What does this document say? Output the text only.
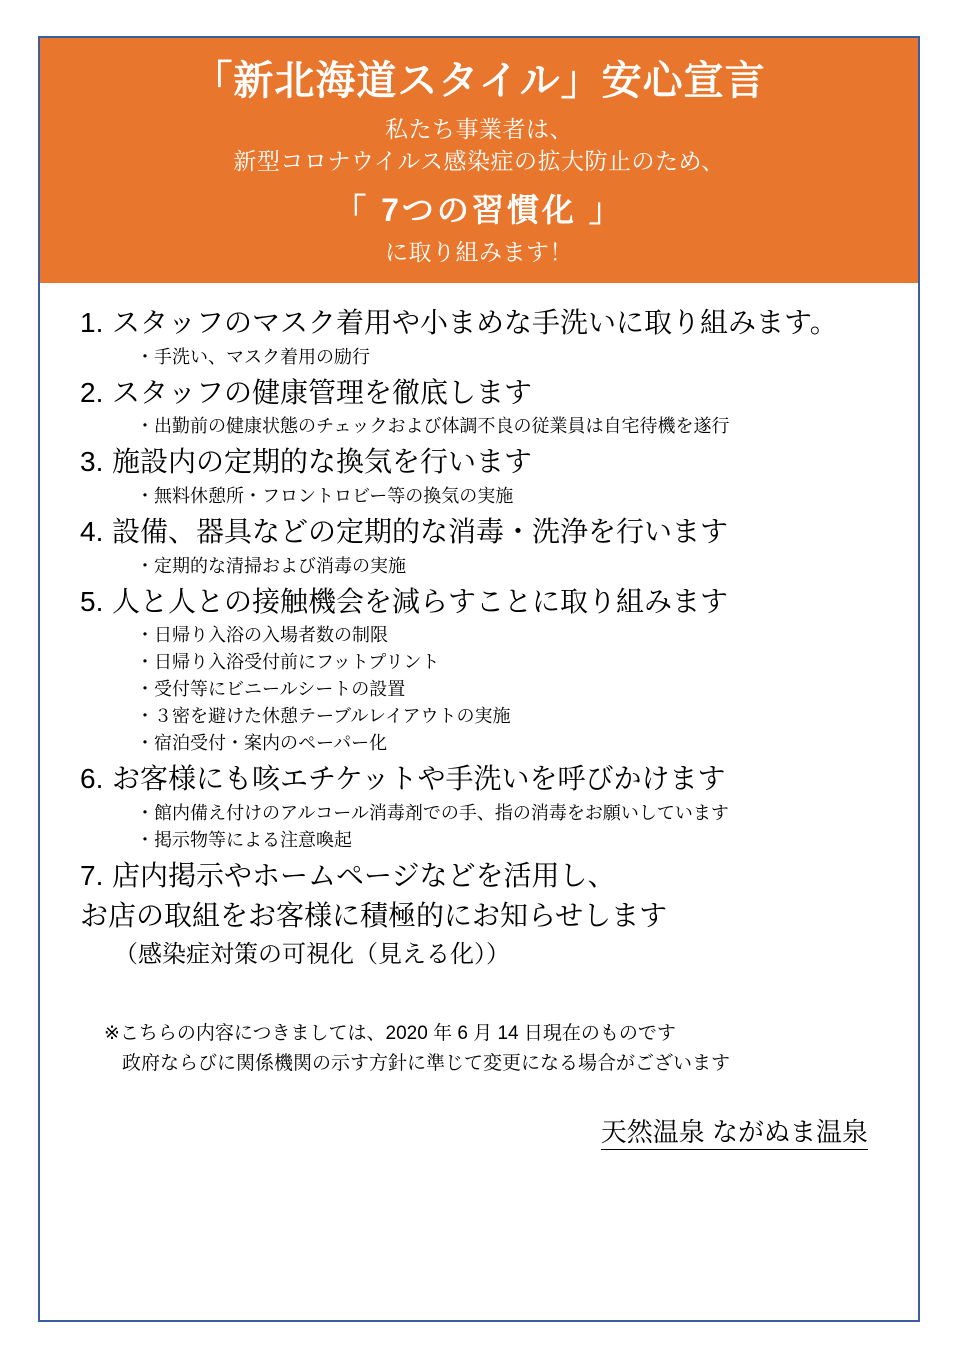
「新北海道スタイル」安心宣言
私たち事業者は、
新型コロナウイルス感染症の拡大防止のため、
「 7つの習慣化 」
に取り組みます！
1. スタッフのマスク着用や小まめな手洗いに取り組みます。
・手洗い、マスク着用の励行
2. スタッフの健康管理を徹底します
・出勤前の健康状態のチェックおよび体調不良の従業員は自宅待機を遂行
3. 施設内の定期的な換気を行います
・無料休憩所・フロントロビー等の換気の実施
4. 設備、器具などの定期的な消毒・洗浄を行います
・定期的な清掃および消毒の実施
5. 人と人との接触機会を減らすことに取り組みます
・日帰り入浴の入場者数の制限
・日帰り入浴受付前にフットプリント
・受付等にビニールシートの設置
・３密を避けた休憩テーブルレイアウトの実施
・宿泊受付・案内のペーパー化
6. お客様にも咳エチケットや手洗いを呼びかけます
・館内備え付けのアルコール消毒剤での手、指の消毒をお願いしています
・掲示物等による注意喚起
7. 店内掲示やホームページなどを活用し、
お店の取組をお客様に積極的にお知らせします
（感染症対策の可視化（見える化））
※こちらの内容につきましては、2020 年 6 月 14 日現在のものです
政府ならびに関係機関の示す方針に準じて変更になる場合がございます
天然温泉 ながぬま温泉
